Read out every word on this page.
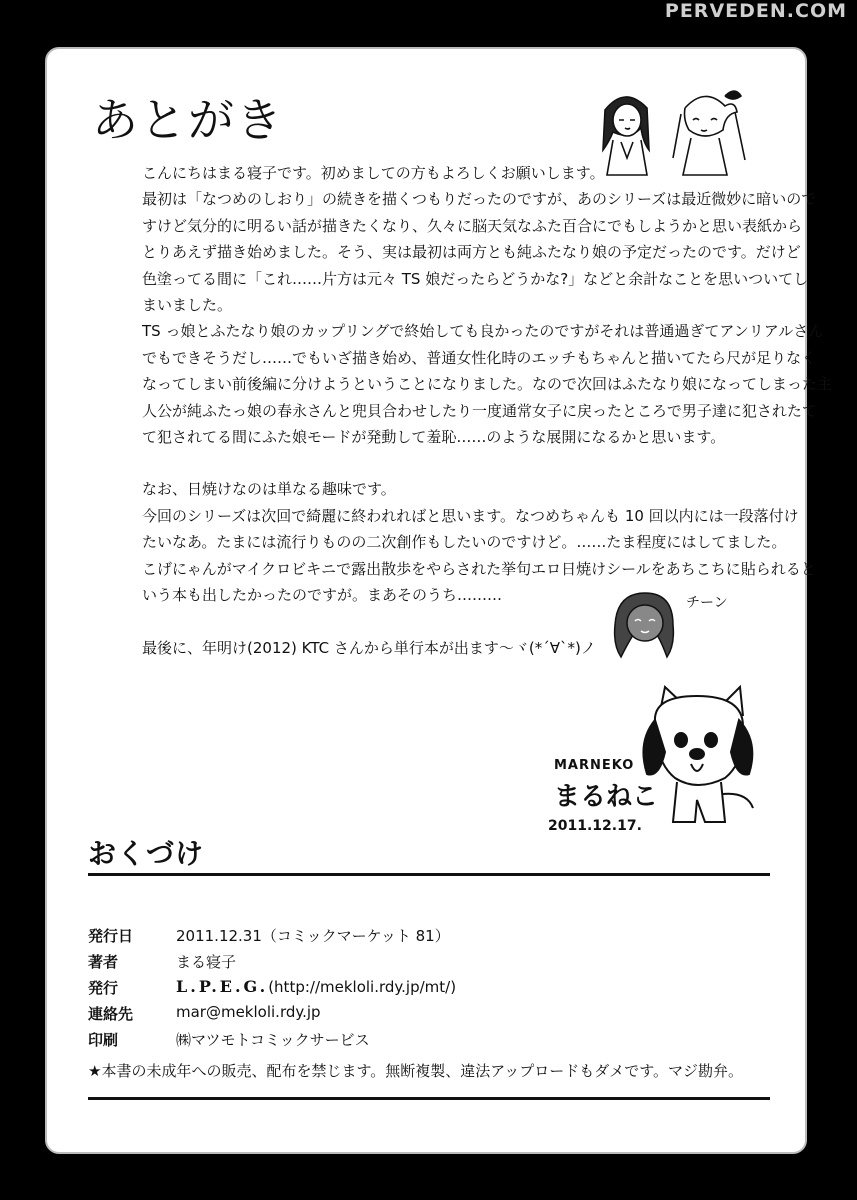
PERVEDEN.COM
あとがき

こんにちはまる寝子です。初めましての方もよろしくお願いします。

最初は「なつめのしおり」の続きを描くつもりだったのですが、あのシリーズは最近微妙に暗いので

すけど気分的に明るい話が描きたくなり、久々に脳天気なふた百合にでもしようかと思い表紙から

とりあえず描き始めました。そう、実は最初は両方とも純ふたなり娘の予定だったのです。だけど

色塗ってる間に「これ……片方は元々 TS 娘だったらどうかな?」などと余計なことを思いついてし

まいました。

TS っ娘とふたなり娘のカップリングで終始しても良かったのですがそれは普通過ぎてアンリアルさん

でもできそうだし……でもいざ描き始め、普通女性化時のエッチもちゃんと描いてたら尺が足りなく

なってしまい前後編に分けようということになりました。なので次回はふたなり娘になってしまった主

人公が純ふたっ娘の春永さんと兜貝合わせしたり一度通常女子に戻ったところで男子達に犯されたて

て犯されてる間にふた娘モードが発動して羞恥……のような展開になるかと思います。

なお、日焼けなのは単なる趣味です。

今回のシリーズは次回で綺麗に終われればと思います。なつめちゃんも 10 回以内には一段落付け

たいなあ。たまには流行りものの二次創作もしたいのですけど。……たま程度にはしてました。

こげにゃんがマイクロビキニで露出散歩をやらされた挙句エロ日焼けシールをあちこちに貼られると

いう本も出したかったのですが。まあそのうち………

最後に、年明け(2012) KTC さんから単行本が出ます〜ヾ(*´∀`*)ノ

チーン
MARNEKO
まるねこ
2011.12.17.
おくづけ
発行日	2011.12.31（コミックマーケット 81）
著者	まる寝子
発行	L.P.E.G.(http://mekloli.rdy.jp/mt/)
連絡先	mar@mekloli.rdy.jp
印刷	㈱マツモトコミックサービス
★本書の未成年への販売、配布を禁じます。無断複製、違法アップロードもダメです。マジ勘弁。
